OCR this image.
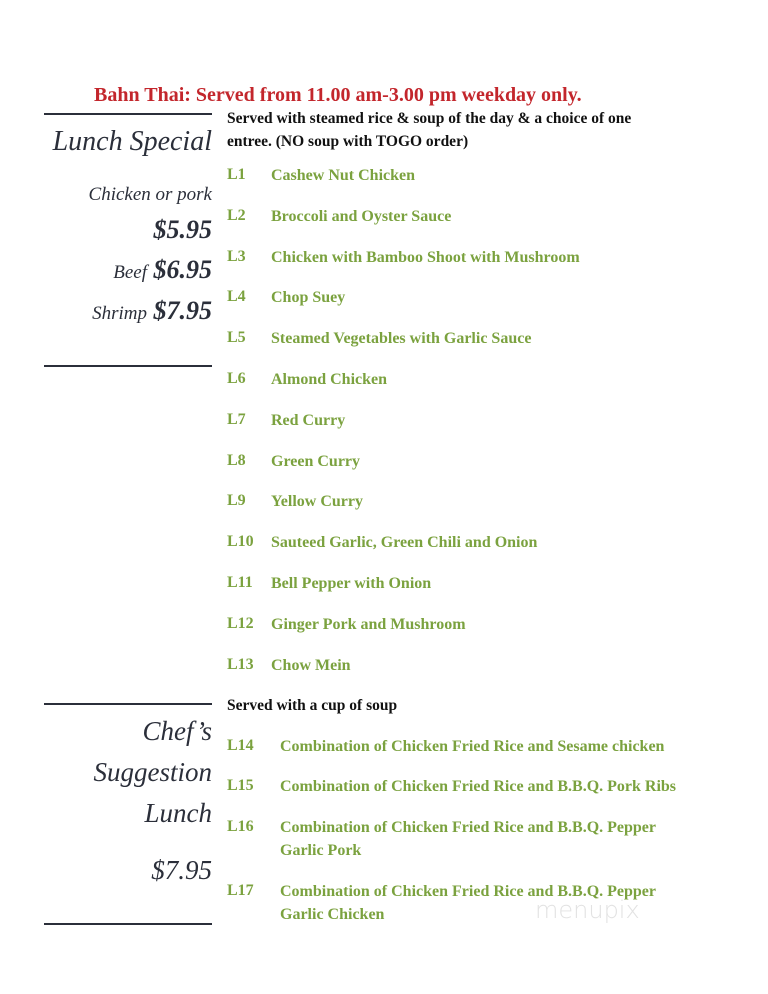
Bahn Thai: Served from 11.00 am-3.00 pm weekday only.
Lunch Special
Chicken or pork
$5.95
Beef $6.95
Shrimp $7.95
Served with steamed rice & soup of the day & a choice of one
entree. (NO soup with TOGO order)
L1 Cashew Nut Chicken
L2 Broccoli and Oyster Sauce
L3 Chicken with Bamboo Shoot with Mushroom
L4 Chop Suey
L5 Steamed Vegetables with Garlic Sauce
L6 Almond Chicken
L7 Red Curry
L8 Green Curry
L9 Yellow Curry
L10 Sauteed Garlic, Green Chili and Onion
L11 Bell Pepper with Onion
L12 Ginger Pork and Mushroom
L13 Chow Mein
Chef’s
Suggestion
Lunch
$7.95
Served with a cup of soup
L14 Combination of Chicken Fried Rice and Sesame chicken
L15 Combination of Chicken Fried Rice and B.B.Q. Pork Ribs
L16 Combination of Chicken Fried Rice and B.B.Q. Pepper
Garlic Pork
L17 Combination of Chicken Fried Rice and B.B.Q. Pepper
Garlic Chicken	menupix
